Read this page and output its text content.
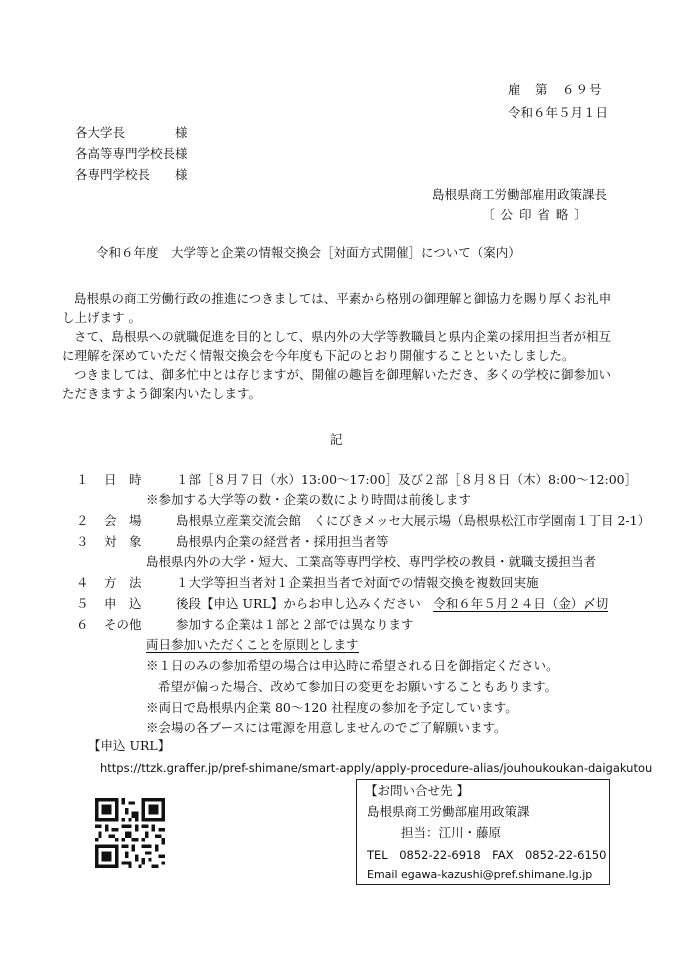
雇　第　６９号
令和６年５月１日
各大学長	様
各高等専門学校長様
各専門学校長 様
島根県商工労働部雇用政策課長
〔 公 印 省 略 〕
令和６年度　大学等と企業の情報交換会［対面方式開催］について（案内）

島根県の商工労働行政の推進につきましては、平素から格別の御理解と御協力を賜り厚くお礼申し上げます 。

さて、島根県への就職促進を目的として、県内外の大学等教職員と県内企業の採用担当者が相互に理解を深めていただく情報交換会を今年度も下記のとおり開催することといたしました。

つきましては、御多忙中とは存じますが、開催の趣旨を御理解いただき、多くの学校に御参加いただきますよう御案内いたします。

記
１ 日　時	１部［８月７日（水）13:00～17:00］及び２部［８月８日（木）8:00～12:00］
※参加する大学等の数・企業の数により時間は前後します
２ 会　場	島根県立産業交流会館　くにびきメッセ大展示場（島根県松江市学園南１丁目 2-1）
３ 対　象	島根県内企業の経営者・採用担当者等
島根県内外の大学・短大、工業高等専門学校、専門学校の教員・就職支援担当者
４ 方　法	１大学等担当者対１企業担当者で対面での情報交換を複数回実施
５ 申　込	後段【申込 URL】からお申し込みください　 令和６年５月２４日（金）〆切
６ その他	参加する企業は１部と２部では異なります
両日参加いただくことを原則とします
※１日のみの参加希望の場合は申込時に希望される日を御指定ください。
希望が偏った場合、改めて参加日の変更をお願いすることもあります。
※両日で島根県内企業 80～120 社程度の参加を予定しています。
※会場の各ブースには電源を用意しませんのでご了解願います。
【申込 URL】
https://ttzk.graffer.jp/pref-shimane/smart-apply/apply-procedure-alias/jouhoukoukan-daigakutou
【お問い合せ先 】
島根県商工労働部雇用政策課
担当：江川・藤原
TEL　0852-22-6918　FAX　0852-22-6150
Email egawa-kazushi@pref.shimane.lg.jp
